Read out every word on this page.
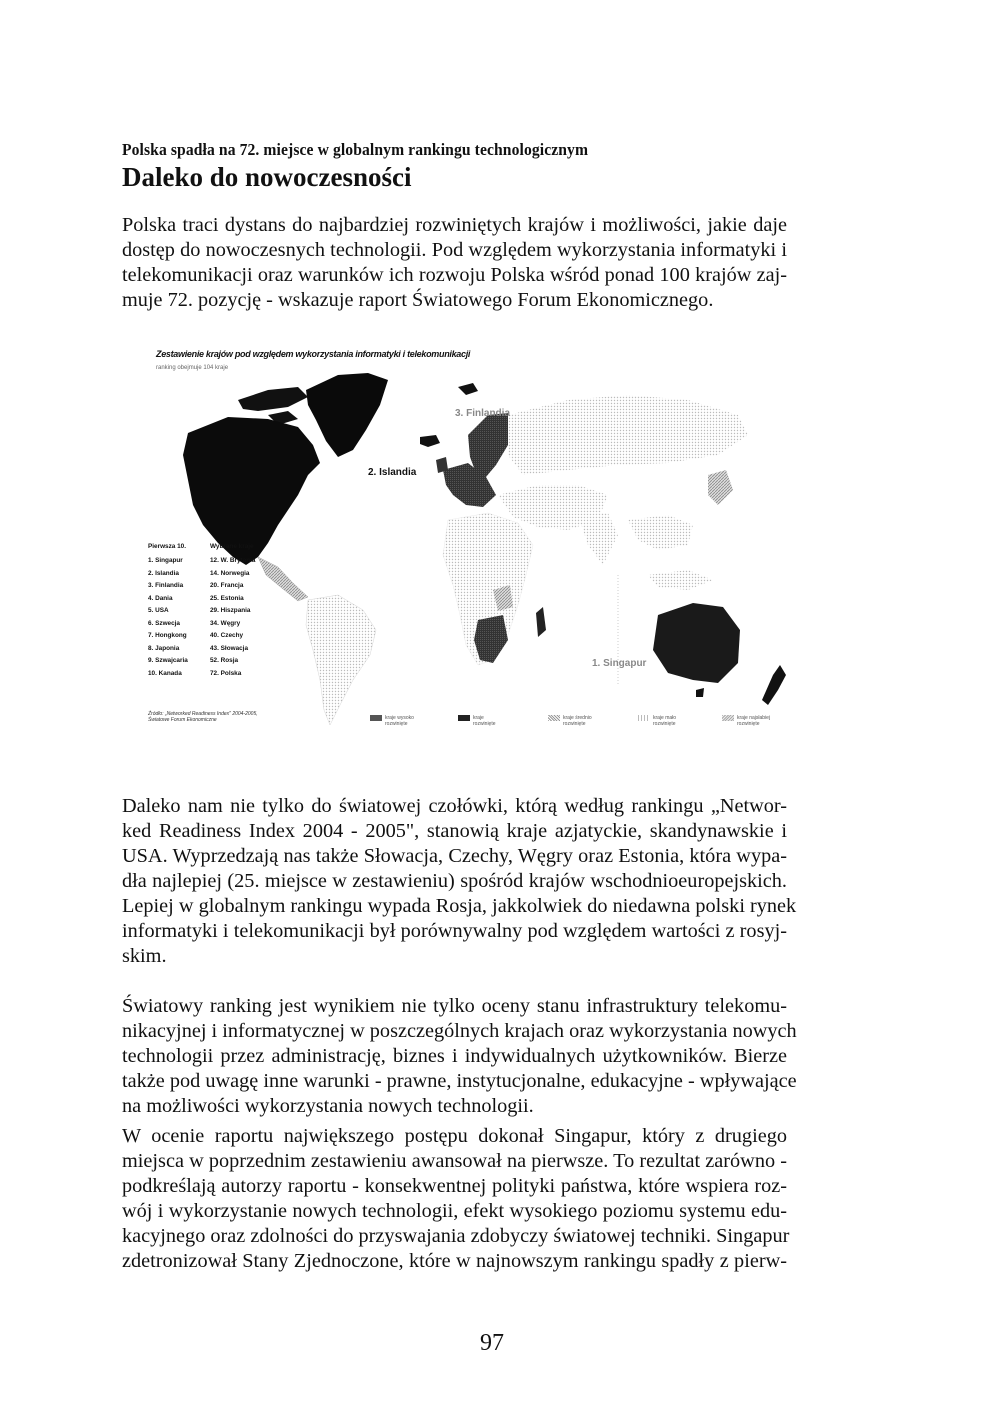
Polska spadła na 72. miejsce w globalnym rankingu technologicznym
Daleko do nowoczesności
Polska traci dystans do najbardziej rozwiniętych krajów i możliwości, jakie daje
dostęp do nowoczesnych technologii. Pod względem wykorzystania informatyki i
telekomunikacji oraz warunków ich rozwoju Polska wśród ponad 100 krajów zaj-
muje 72. pozycję - wskazuje raport Światowego Forum Ekonomicznego.
Daleko nam nie tylko do światowej czołówki, którą według rankingu „Networ-
ked Readiness Index 2004 - 2005", stanowią kraje azjatyckie, skandynawskie i
USA. Wyprzedzają nas także Słowacja, Czechy, Węgry oraz Estonia, która wypa-
dła najlepiej (25. miejsce w zestawieniu) spośród krajów wschodnioeuropejskich.
Lepiej w globalnym rankingu wypada Rosja, jakkolwiek do niedawna polski rynek
informatyki i telekomunikacji był porównywalny pod względem wartości z rosyj-
skim.
Światowy ranking jest wynikiem nie tylko oceny stanu infrastruktury telekomu-
nikacyjnej i informatycznej w poszczególnych krajach oraz wykorzystania nowych
technologii przez administrację, biznes i indywidualnych użytkowników. Bierze
także pod uwagę inne warunki - prawne, instytucjonalne, edukacyjne - wpływające
na możliwości wykorzystania nowych technologii.
W ocenie raportu największego postępu dokonał Singapur, który z drugiego
miejsca w poprzednim zestawieniu awansował na pierwsze. To rezultat zarówno -
podkreślają autorzy raportu - konsekwentnej polityki państwa, które wspiera roz-
wój i wykorzystanie nowych technologii, efekt wysokiego poziomu systemu edu-
kacyjnego oraz zdolności do przyswajania zdobyczy światowej techniki. Singapur
zdetronizował Stany Zjednoczone, które w najnowszym rankingu spadły z pierw-
Zestawienie krajów pod względem wykorzystania informatyki i telekomunikacji
ranking obejmuje 104 kraje
3. Finlandia
2. Islandia
1. Singapur
Pierwsza 10.
1. Singapur
2. Islandia
3. Finlandia
4. Dania
5. USA
6. Szwecja
7. Hongkong
8. Japonia
9. Szwajcaria
10. Kanada
Wybrane kraje
12. W. Brytania
14. Norwegia
20. Francja
25. Estonia
29. Hiszpania
34. Węgry
40. Czechy
43. Słowacja
52. Rosja
72. Polska
Źródło: „Networked Readiness Index" 2004-2005,
Światowe Forum Ekonomiczne	kraje wysoko
rozwinięte
kraje
rozwinięte
kraje średnio
rozwinięte
kraje mało
rozwinięte
kraje najsłabiej
rozwinięte
97
